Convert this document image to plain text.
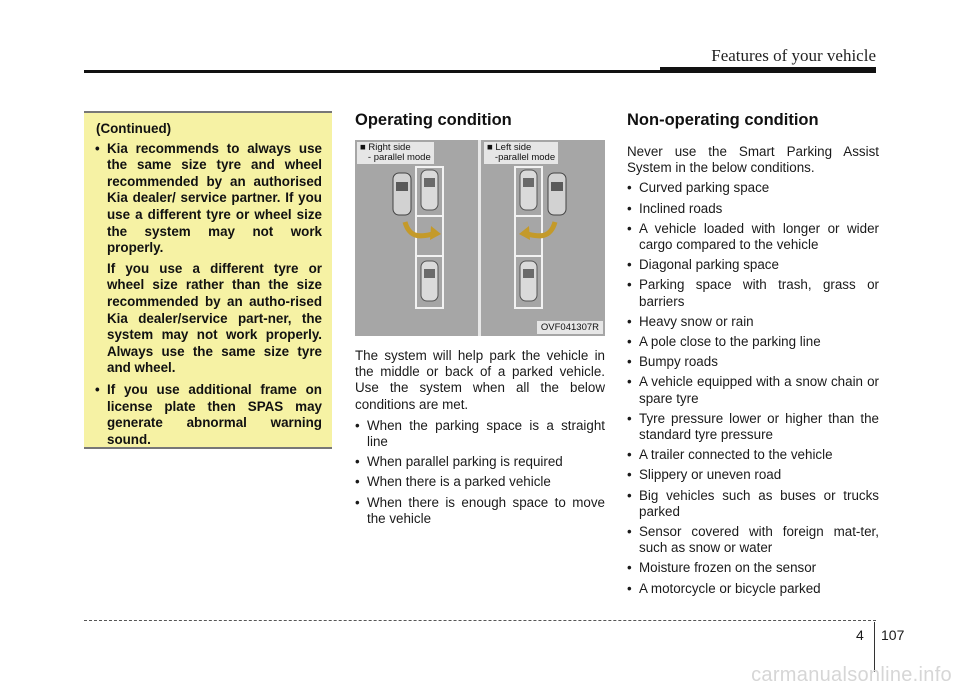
Features of your vehicle
(Continued)
• Kia recommends to always use the same size tyre and wheel recommended by an authorised Kia dealer/ service partner. If you use a different tyre or wheel size the system may not work properly.

If you use a different tyre or wheel size rather than the size recommended by an autho-rised Kia dealer/service part-ner, the system may not work properly. Always use the same size tyre and wheel.

• If you use additional frame on license plate then SPAS may generate abnormal warning sound.
Operating condition
■ Right side
- parallel mode
■ Left side
-parallel mode
OVF041307R

The system will help park the vehicle in the middle or back of a parked vehicle. Use the system when all the below conditions are met.

• When the parking space is a straight line
• When parallel parking is required
• When there is a parked vehicle
• When there is enough space to move the vehicle
Non-operating condition

Never use the Smart Parking Assist System in the below conditions.

• Curved parking space
• Inclined roads
• A vehicle loaded with longer or wider cargo compared to the vehicle
• Diagonal parking space
• Parking space with trash, grass or barriers
• Heavy snow or rain
• A pole close to the parking line
• Bumpy roads
• A vehicle equipped with a snow chain or spare tyre
• Tyre pressure lower or higher than the standard tyre pressure
• A trailer connected to the vehicle
• Slippery or uneven road
• Big vehicles such as buses or trucks parked
• Sensor covered with foreign mat-ter, such as snow or water
• Moisture frozen on the sensor
• A motorcycle or bicycle parked
4 107
carmanualsonline.info
